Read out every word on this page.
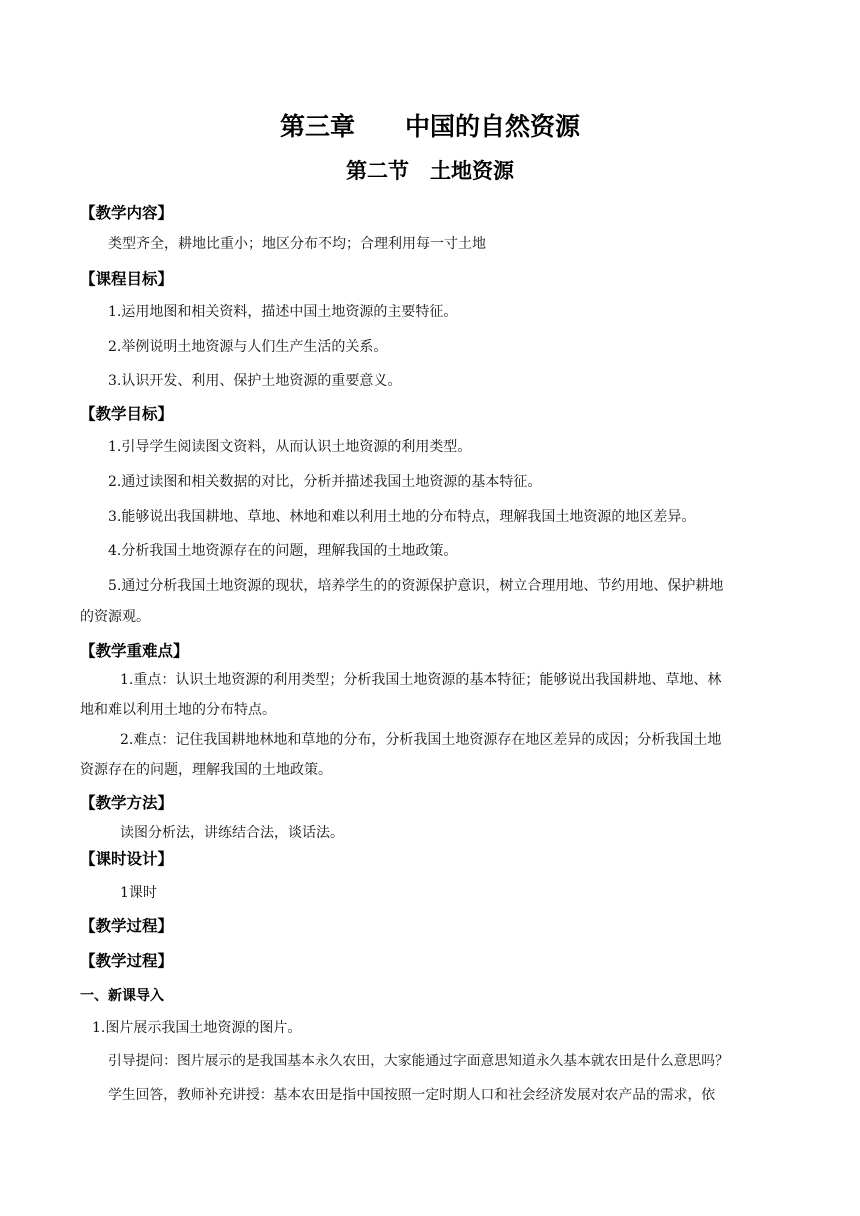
第三章　　中国的自然资源
第二节　土地资源
【教学内容】
类型齐全，耕地比重小；地区分布不均；合理利用每一寸土地
【课程目标】
1.运用地图和相关资料，描述中国土地资源的主要特征。
2.举例说明土地资源与人们生产生活的关系。
3.认识开发、利用、保护土地资源的重要意义。
【教学目标】
1.引导学生阅读图文资料，从而认识土地资源的利用类型。
2.通过读图和相关数据的对比，分析并描述我国土地资源的基本特征。
3.能够说出我国耕地、草地、林地和难以利用土地的分布特点，理解我国土地资源的地区差异。
4.分析我国土地资源存在的问题，理解我国的土地政策。
5.通过分析我国土地资源的现状，培养学生的的资源保护意识，树立合理用地、节约用地、保护耕地
的资源观。
【教学重难点】
1.重点：认识土地资源的利用类型；分析我国土地资源的基本特征；能够说出我国耕地、草地、林
地和难以利用土地的分布特点。
2.难点：记住我国耕地林地和草地的分布，分析我国土地资源存在地区差异的成因；分析我国土地
资源存在的问题，理解我国的土地政策。
【教学方法】
读图分析法，讲练结合法，谈话法。
【课时设计】
1课时
【教学过程】
【教学过程】
一、新课导入
1.图片展示我国土地资源的图片。
引导提问：图片展示的是我国基本永久农田，大家能通过字面意思知道永久基本就农田是什么意思吗？
学生回答，教师补充讲授：基本农田是指中国按照一定时期人口和社会经济发展对农产品的需求，依
